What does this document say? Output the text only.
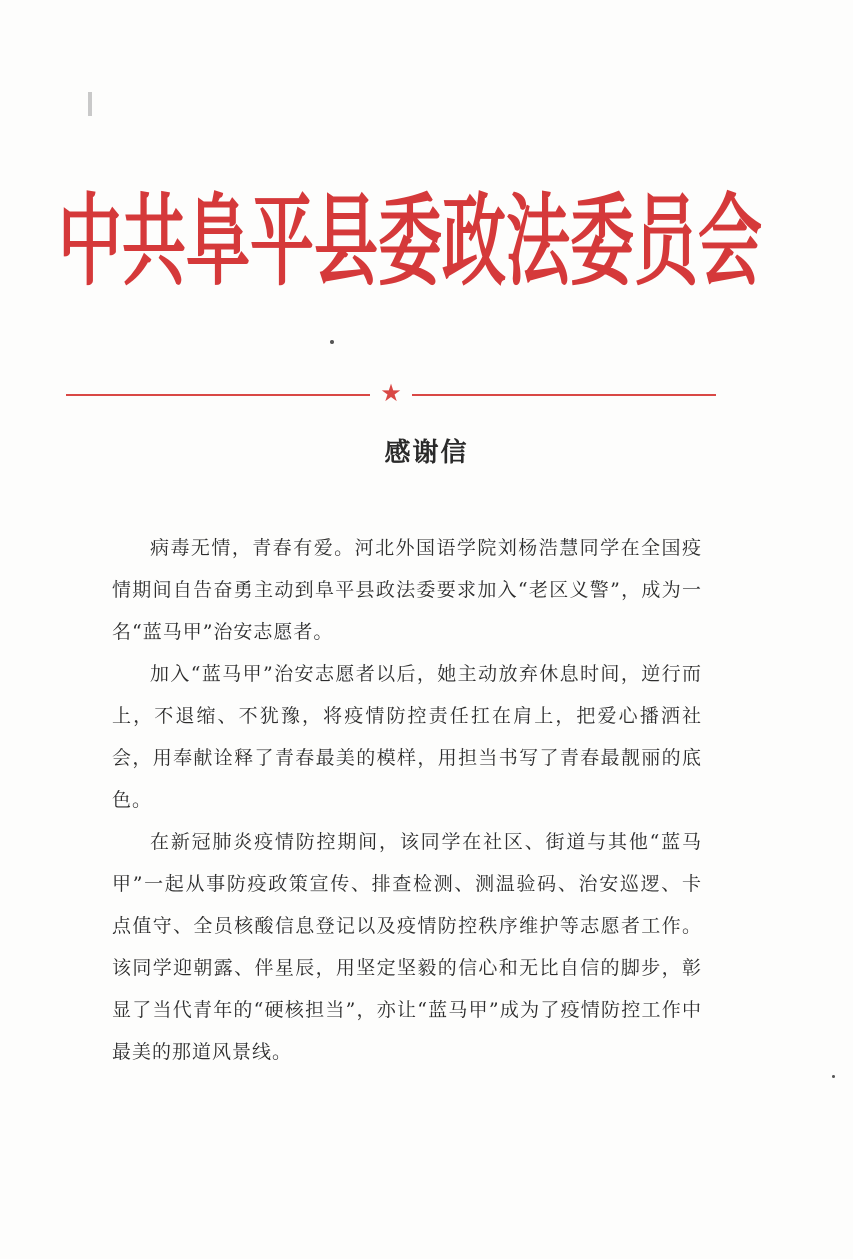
中共阜平县委政法委员会
★
感谢信

病毒无情，青春有爱。河北外国语学院刘杨浩慧同学在全国疫情期间自告奋勇主动到阜平县政法委要求加入“老区义警”，成为一名“蓝马甲”治安志愿者。

加入“蓝马甲”治安志愿者以后，她主动放弃休息时间，逆行而上，不退缩、不犹豫，将疫情防控责任扛在肩上，把爱心播洒社会，用奉献诠释了青春最美的模样，用担当书写了青春最靓丽的底色。

在新冠肺炎疫情防控期间，该同学在社区、街道与其他“蓝马甲”一起从事防疫政策宣传、排查检测、测温验码、治安巡逻、卡点值守、全员核酸信息登记以及疫情防控秩序维护等志愿者工作。该同学迎朝露、伴星辰，用坚定坚毅的信心和无比自信的脚步，彰显了当代青年的“硬核担当”，亦让“蓝马甲”成为了疫情防控工作中最美的那道风景线。
